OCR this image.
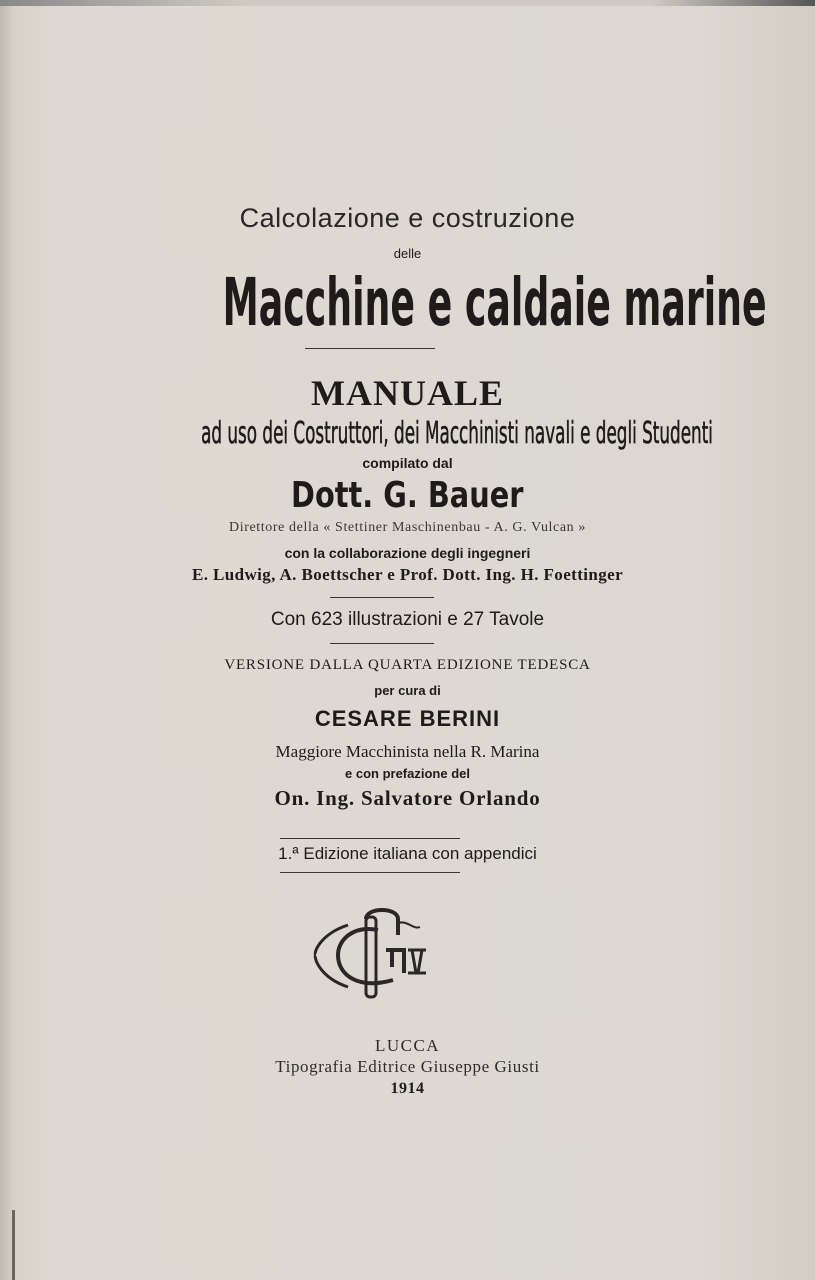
Calcolazione e costruzione
delle
Macchine e caldaie marine
MANUALE
ad uso dei Costruttori, dei Macchinisti navali e degli Studenti
compilato dal
Dott. G. Bauer
Direttore della « Stettiner Maschinenbau - A. G. Vulcan »
con la collaborazione degli ingegneri
E. Ludwig, A. Boettscher e Prof. Dott. Ing. H. Foettinger
Con 623 illustrazioni e 27 Tavole
VERSIONE DALLA QUARTA EDIZIONE TEDESCA
per cura di
CESARE BERINI
Maggiore Macchinista nella R. Marina
e con prefazione del
On. Ing. Salvatore Orlando
1.ª Edizione italiana con appendici
LUCCA
Tipografia Editrice Giuseppe Giusti
1914
